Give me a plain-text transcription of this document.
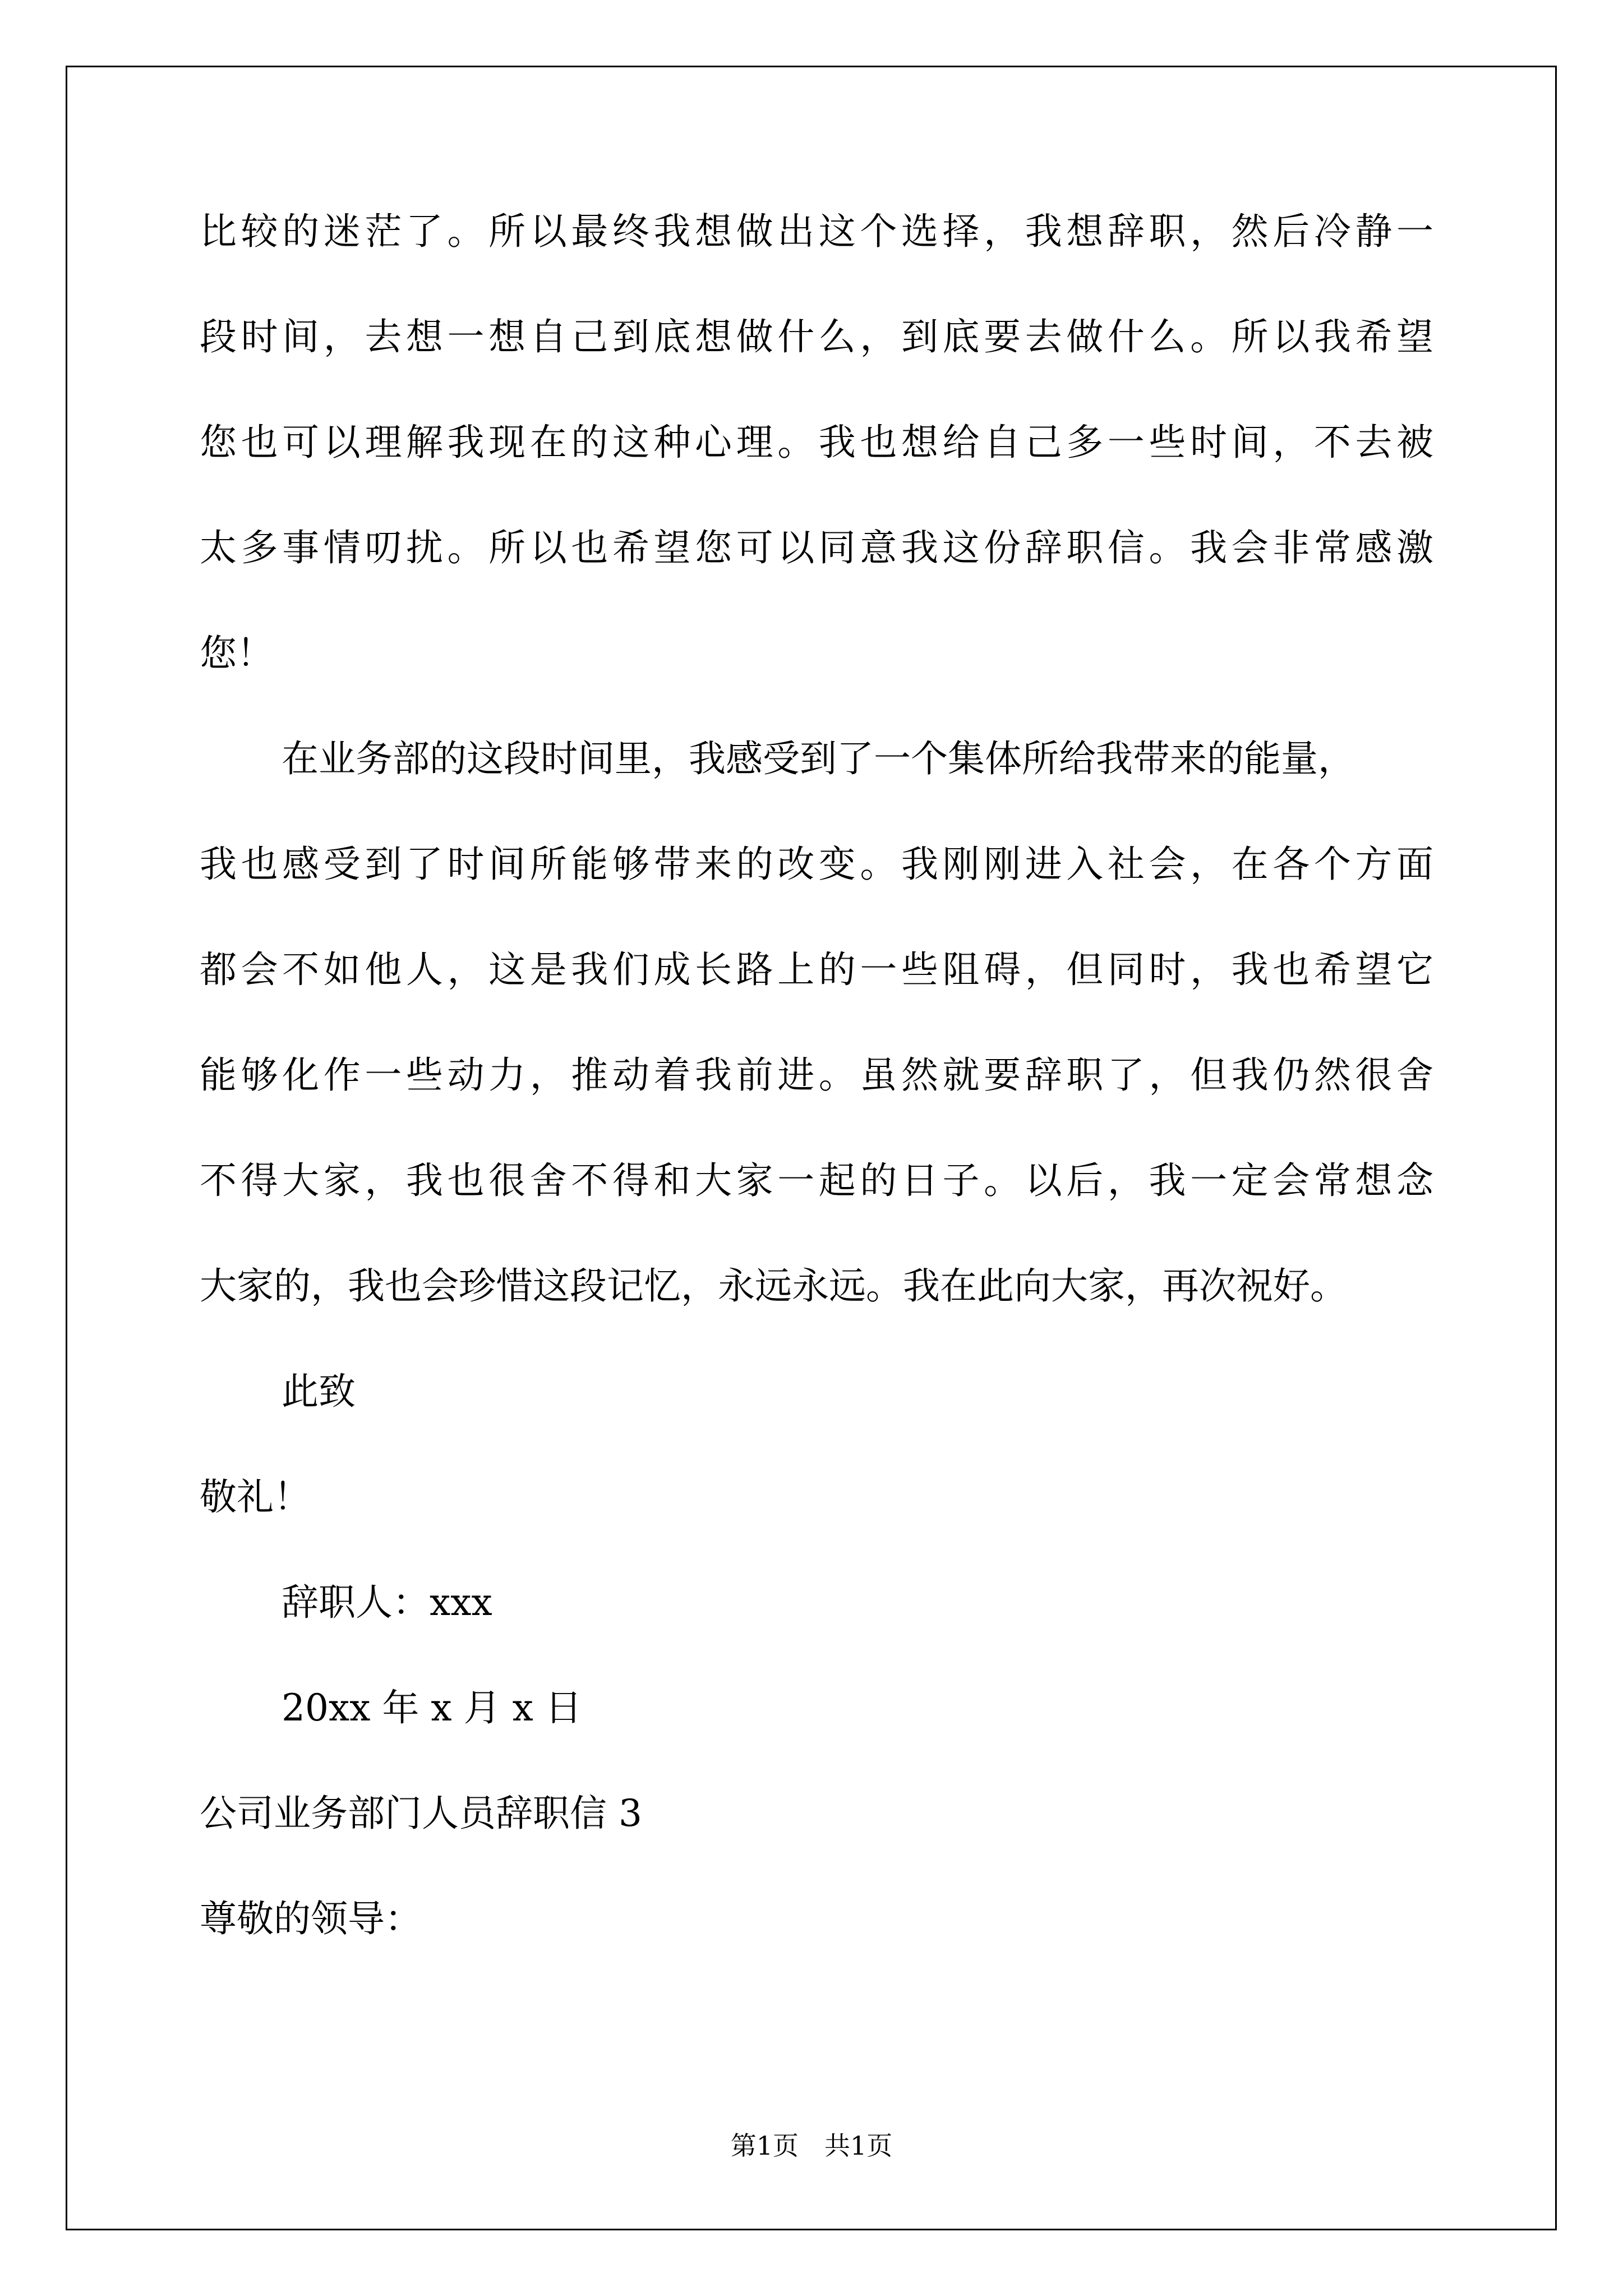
比较的迷茫了。所以最终我想做出这个选择，我想辞职，然后冷静一
段时间，去想一想自己到底想做什么，到底要去做什么。所以我希望
您也可以理解我现在的这种心理。我也想给自己多一些时间，不去被
太多事情叨扰。所以也希望您可以同意我这份辞职信。我会非常感激
您！
在业务部的这段时间里，我感受到了一个集体所给我带来的能量，
我也感受到了时间所能够带来的改变。我刚刚进入社会，在各个方面
都会不如他人，这是我们成长路上的一些阻碍，但同时，我也希望它
能够化作一些动力，推动着我前进。虽然就要辞职了，但我仍然很舍
不得大家，我也很舍不得和大家一起的日子。以后，我一定会常想念
大家的，我也会珍惜这段记忆，永远永远。我在此向大家，再次祝好。
此致
敬礼！
辞职人：xxx
20xx 年 x 月 x 日
公司业务部门人员辞职信 3
尊敬的领导：
第1页　共1页
